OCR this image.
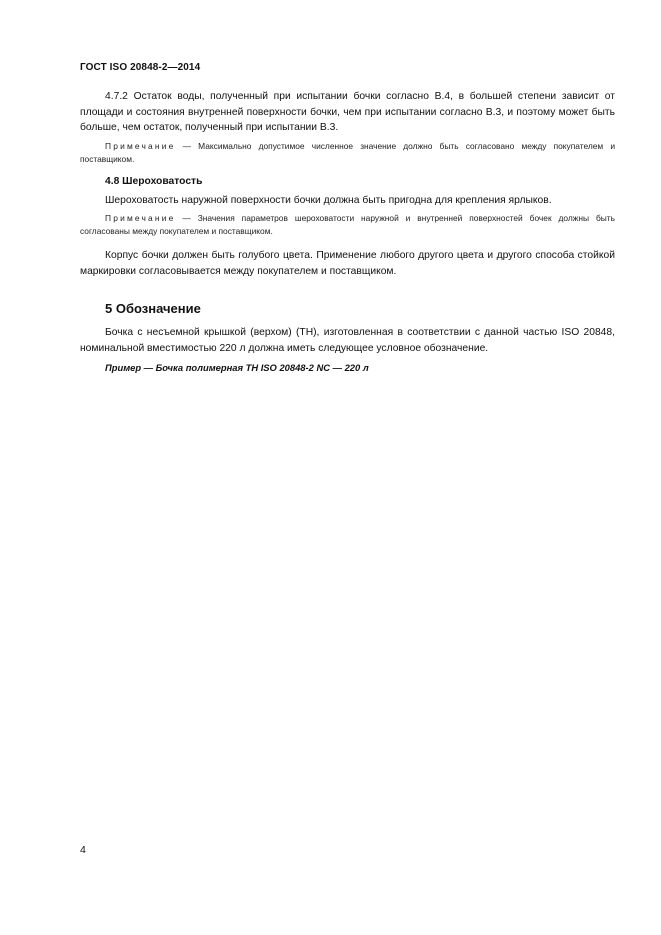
ГОСТ ISO 20848-2—2014

4.7.2 Остаток воды, полученный при испытании бочки согласно B.4, в большей степени зависит от площади и состояния внутренней поверхности бочки, чем при испытании согласно B.3, и поэтому может быть больше, чем остаток, полученный при испытании B.3.

Примечание — Максимально допустимое численное значение должно быть согласовано между покупателем и поставщиком.

4.8 Шероховатость

Шероховатость наружной поверхности бочки должна быть пригодна для крепления ярлыков.

Примечание — Значения параметров шероховатости наружной и внутренней поверхностей бочек должны быть согласованы между покупателем и поставщиком.

Корпус бочки должен быть голубого цвета. Применение любого другого цвета и другого способа стойкой маркировки согласовывается между покупателем и поставщиком.

5 Обозначение

Бочка с несъемной крышкой (верхом) (TH), изготовленная в соответствии с данной частью ISO 20848, номинальной вместимостью 220 л должна иметь следующее условное обозначение.

Пример — Бочка полимерная TH ISO 20848-2 NC — 220 л
4
